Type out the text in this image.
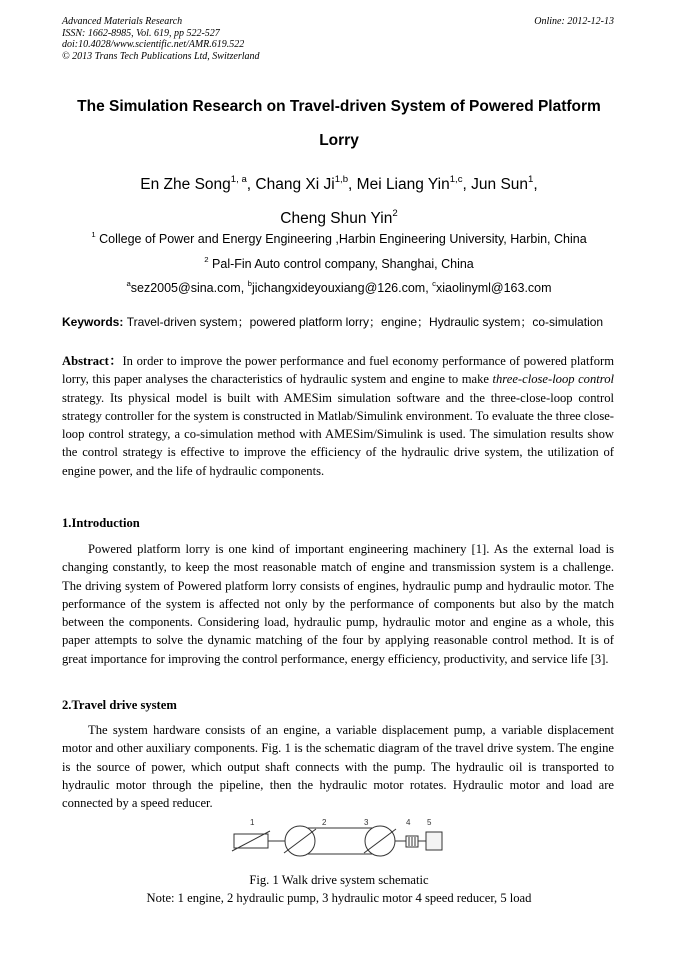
Advanced Materials Research
ISSN: 1662-8985, Vol. 619, pp 522-527
doi:10.4028/www.scientific.net/AMR.619.522
© 2013 Trans Tech Publications Ltd, Switzerland
Online: 2012-12-13
The Simulation Research on Travel-driven System of Powered Platform
Lorry
En Zhe Song$^{1, a}$, Chang Xi Ji$^{1,b}$, Mei Liang Yin$^{1,c}$, Jun Sun$^1$,
Cheng Shun Yin$^2$
$^1$ College of Power and Energy Engineering ,Harbin Engineering University, Harbin, China
$^2$ Pal-Fin Auto control company, Shanghai, China
$^a$sez2005@sina.com, $^b$jichangxideyouxiang@126.com, $^c$xiaolinyml@163.com
Keywords: Travel-driven system；powered platform lorry；engine；Hydraulic system；co-simulation
Abstract：In order to improve the power performance and fuel economy performance of powered platform lorry, this paper analyses the characteristics of hydraulic system and engine to make three-close-loop control strategy. Its physical model is built with AMESim simulation software and the three-close-loop control strategy controller for the system is constructed in Matlab/Simulink environment. To evaluate the three close-loop control strategy, a co-simulation method with AMESim/Simulink is used. The simulation results show the control strategy is effective to improve the efficiency of the hydraulic drive system, the utilization of engine power, and the life of hydraulic components.
1.Introduction
Powered platform lorry is one kind of important engineering machinery [1]. As the external load is changing constantly, to keep the most reasonable match of engine and transmission system is a challenge. The driving system of Powered platform lorry consists of engines, hydraulic pump and hydraulic motor. The performance of the system is affected not only by the performance of components but also by the match between the components. Considering load, hydraulic pump, hydraulic motor and engine as a whole, this paper attempts to solve the dynamic matching of the four by applying reasonable control method. It is of great importance for improving the control performance, energy efficiency, productivity, and service life [3].
2.Travel drive system
The system hardware consists of an engine, a variable displacement pump, a variable displacement motor and other auxiliary components. Fig. 1 is the schematic diagram of the travel drive system. The engine is the source of power, which output shaft connects with the pump. The hydraulic oil is transported to hydraulic motor through the pipeline, then the hydraulic motor rotates. Hydraulic motor and load are connected by a speed reducer.
1	2	3	4 5
Fig. 1 Walk drive system schematic
Note: 1 engine, 2 hydraulic pump, 3 hydraulic motor 4 speed reducer, 5 load
